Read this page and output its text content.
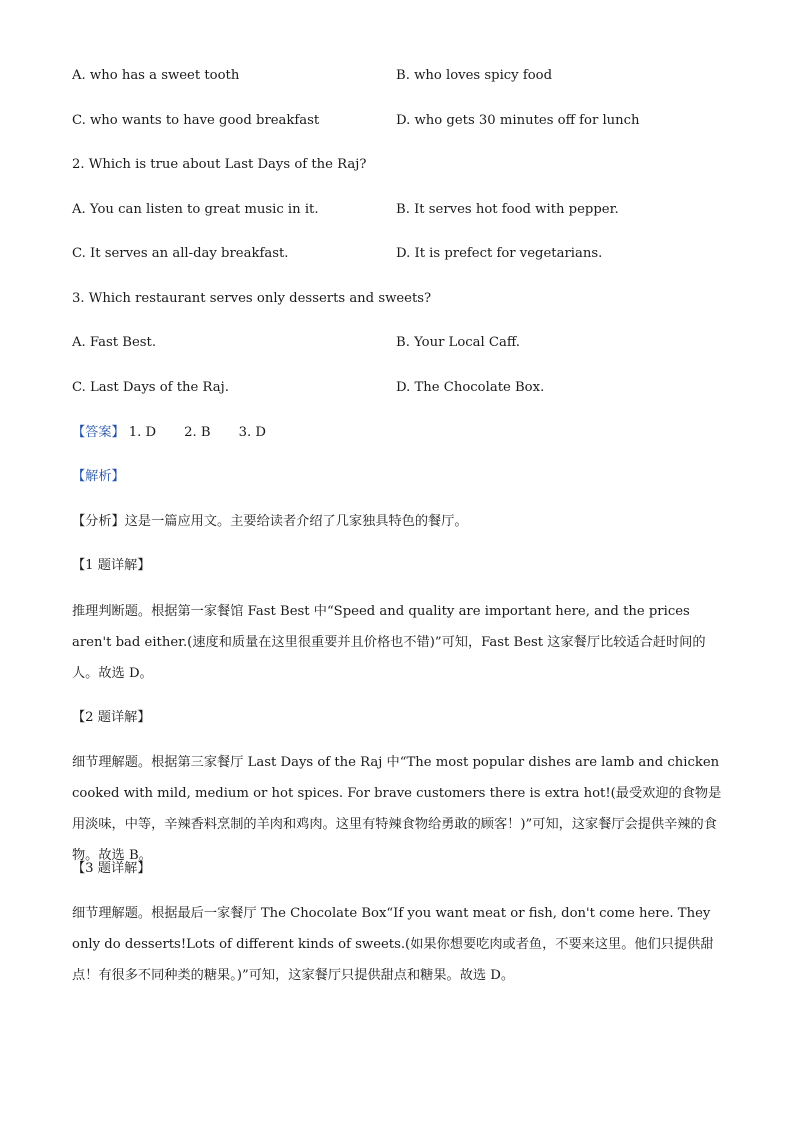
A. who has a sweet tooth	B. who loves spicy food
C. who wants to have good breakfast	D. who gets 30 minutes off for lunch
2. Which is true about Last Days of the Raj?
A. You can listen to great music in it.	B. It serves hot food with pepper.
C. It serves an all-day breakfast.	D. It is prefect for vegetarians.
3. Which restaurant serves only desserts and sweets?
A. Fast Best.	B. Your Local Caff.
C. Last Days of the Raj.	D. The Chocolate Box.
【答案】 1. D 2. B 3. D
【解析】
【分析】这是一篇应用文。主要给读者介绍了几家独具特色的餐厅。
【1 题详解】
推理判断题。根据第一家餐馆 Fast Best 中“Speed and quality are important here, and the prices aren't bad either.(速度和质量在这里很重要并且价格也不错)”可知，Fast Best 这家餐厅比较适合赶时间的人。故选 D。
【2 题详解】
细节理解题。根据第三家餐厅 Last Days of the Raj 中“The most popular dishes are lamb and chicken cooked with mild, medium or hot spices. For brave customers there is extra hot!(最受欢迎的食物是用淡味，中等，辛辣香料烹制的羊肉和鸡肉。这里有特辣食物给勇敢的顾客！)”可知，这家餐厅会提供辛辣的食物。故选 B。
【3 题详解】
细节理解题。根据最后一家餐厅 The Chocolate Box“If you want meat or fish, don't come here. They only do desserts!Lots of different kinds of sweets.(如果你想要吃肉或者鱼，不要来这里。他们只提供甜点！有很多不同种类的糖果。)”可知，这家餐厅只提供甜点和糖果。故选 D。
